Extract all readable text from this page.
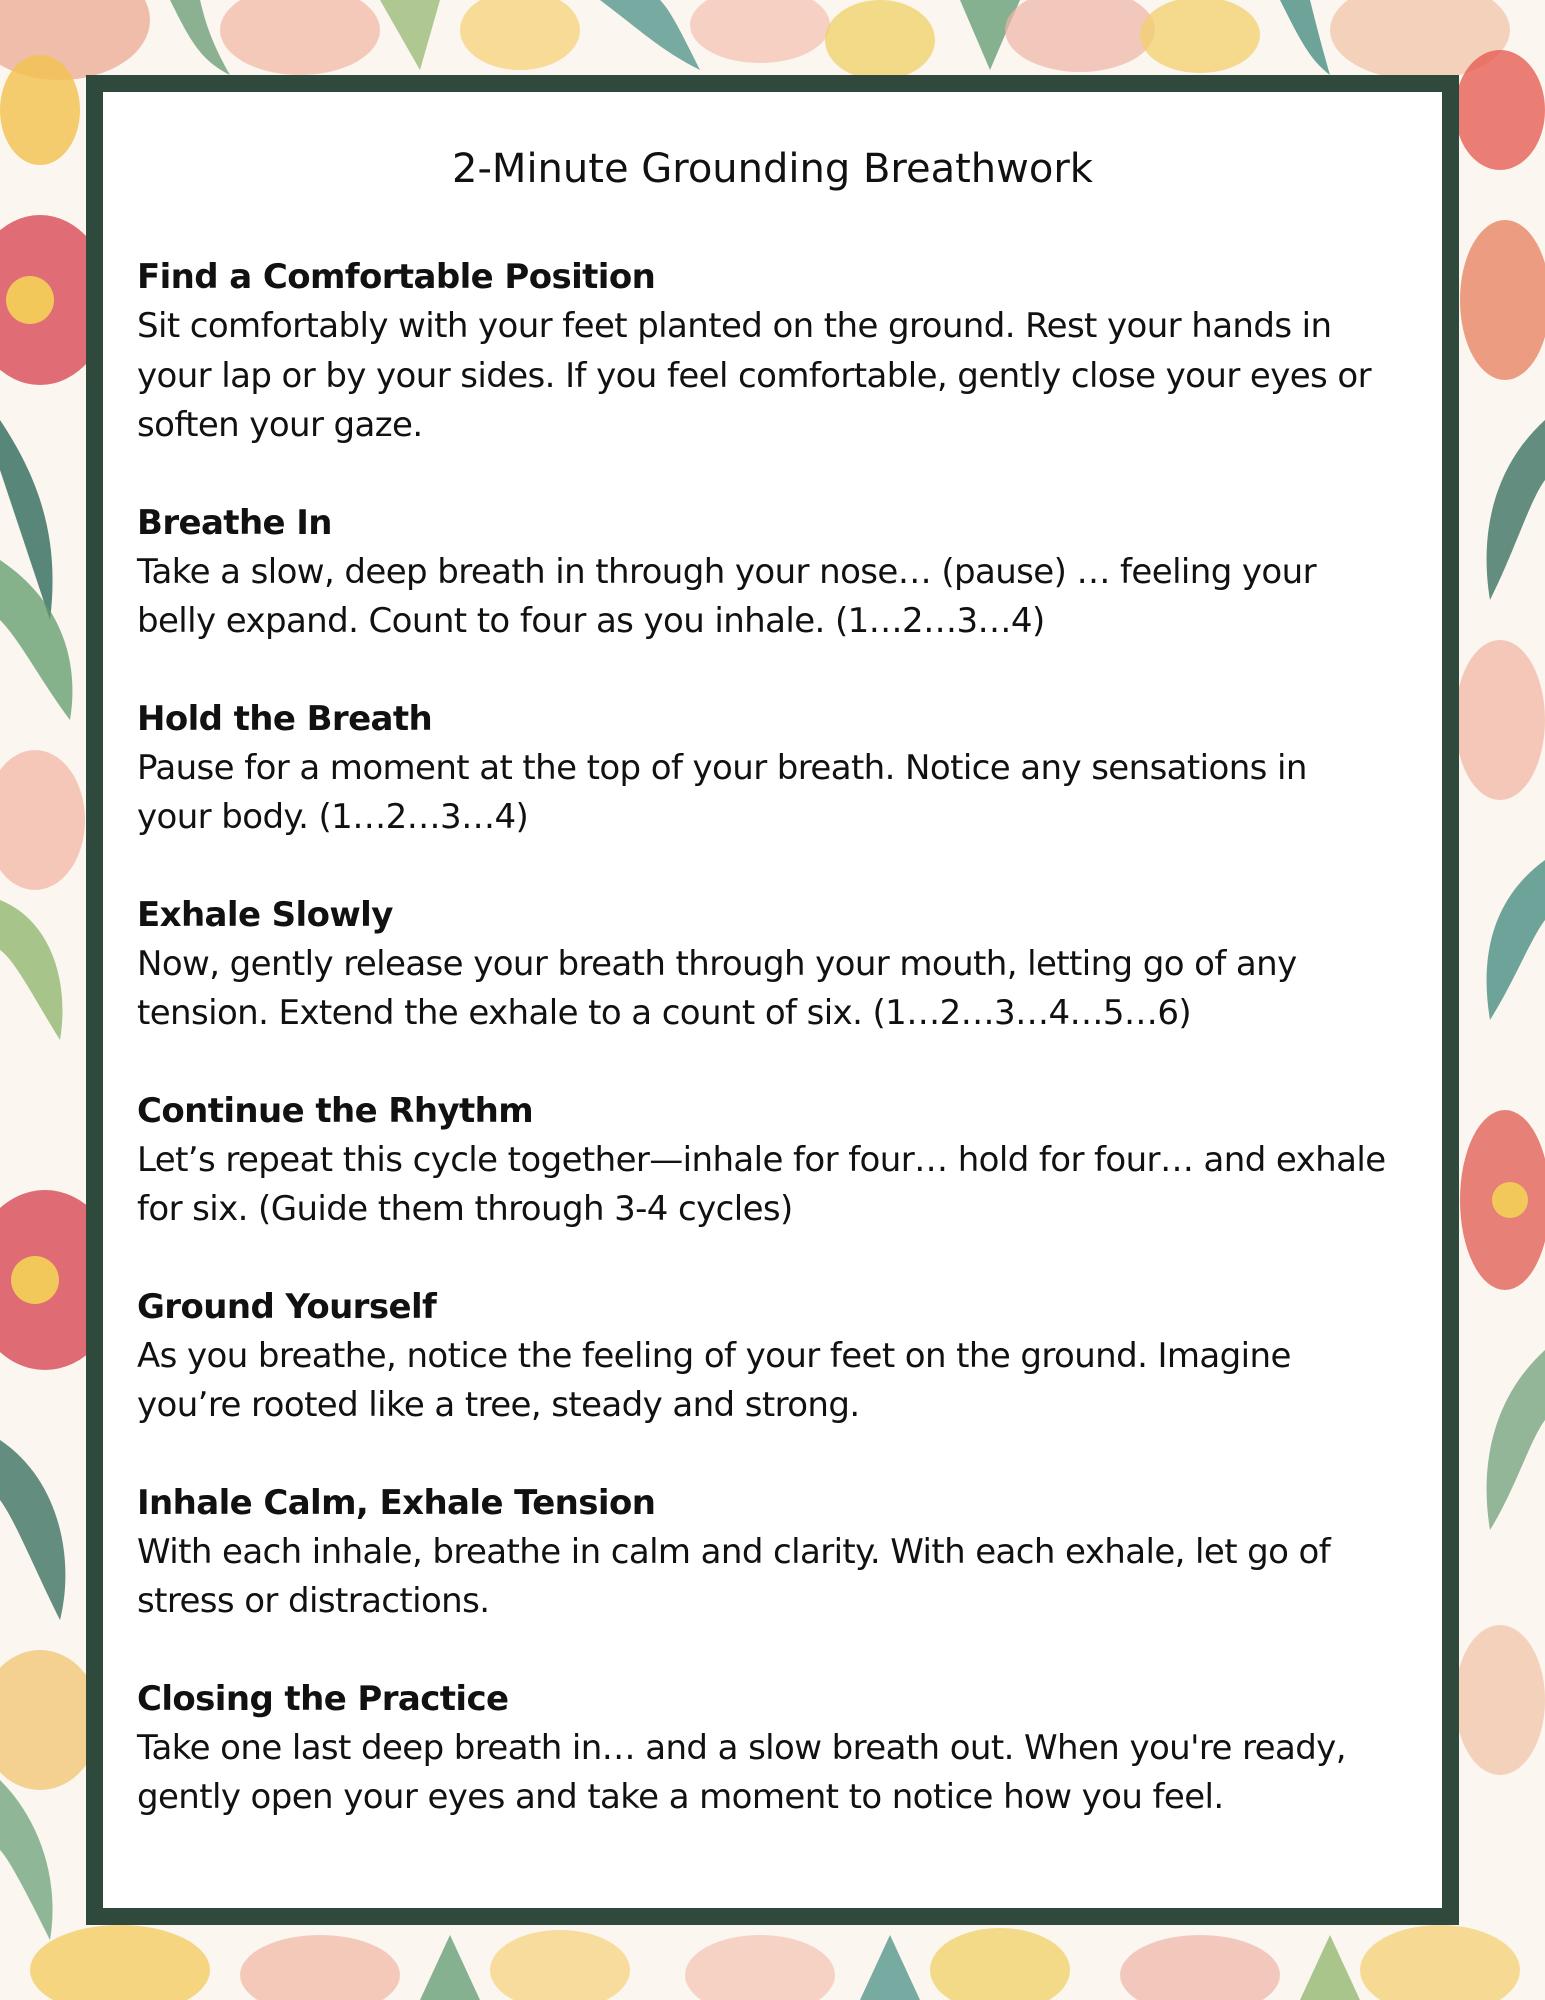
2-Minute Grounding Breathwork

Find a Comfortable Position

Sit comfortably with your feet planted on the ground. Rest your hands in
your lap or by your sides. If you feel comfortable, gently close your eyes or
soften your gaze.

Breathe In

Take a slow, deep breath in through your nose… (pause) … feeling your
belly expand. Count to four as you inhale. (1…2…3…4)

Hold the Breath

Pause for a moment at the top of your breath. Notice any sensations in
your body. (1…2…3…4)

Exhale Slowly

Now, gently release your breath through your mouth, letting go of any
tension. Extend the exhale to a count of six. (1…2…3…4…5…6)

Continue the Rhythm

Let’s repeat this cycle together—inhale for four… hold for four… and exhale
for six. (Guide them through 3-4 cycles)

Ground Yourself

As you breathe, notice the feeling of your feet on the ground. Imagine
you’re rooted like a tree, steady and strong.

Inhale Calm, Exhale Tension

With each inhale, breathe in calm and clarity. With each exhale, let go of
stress or distractions.

Closing the Practice

Take one last deep breath in… and a slow breath out. When you're ready,
gently open your eyes and take a moment to notice how you feel.
